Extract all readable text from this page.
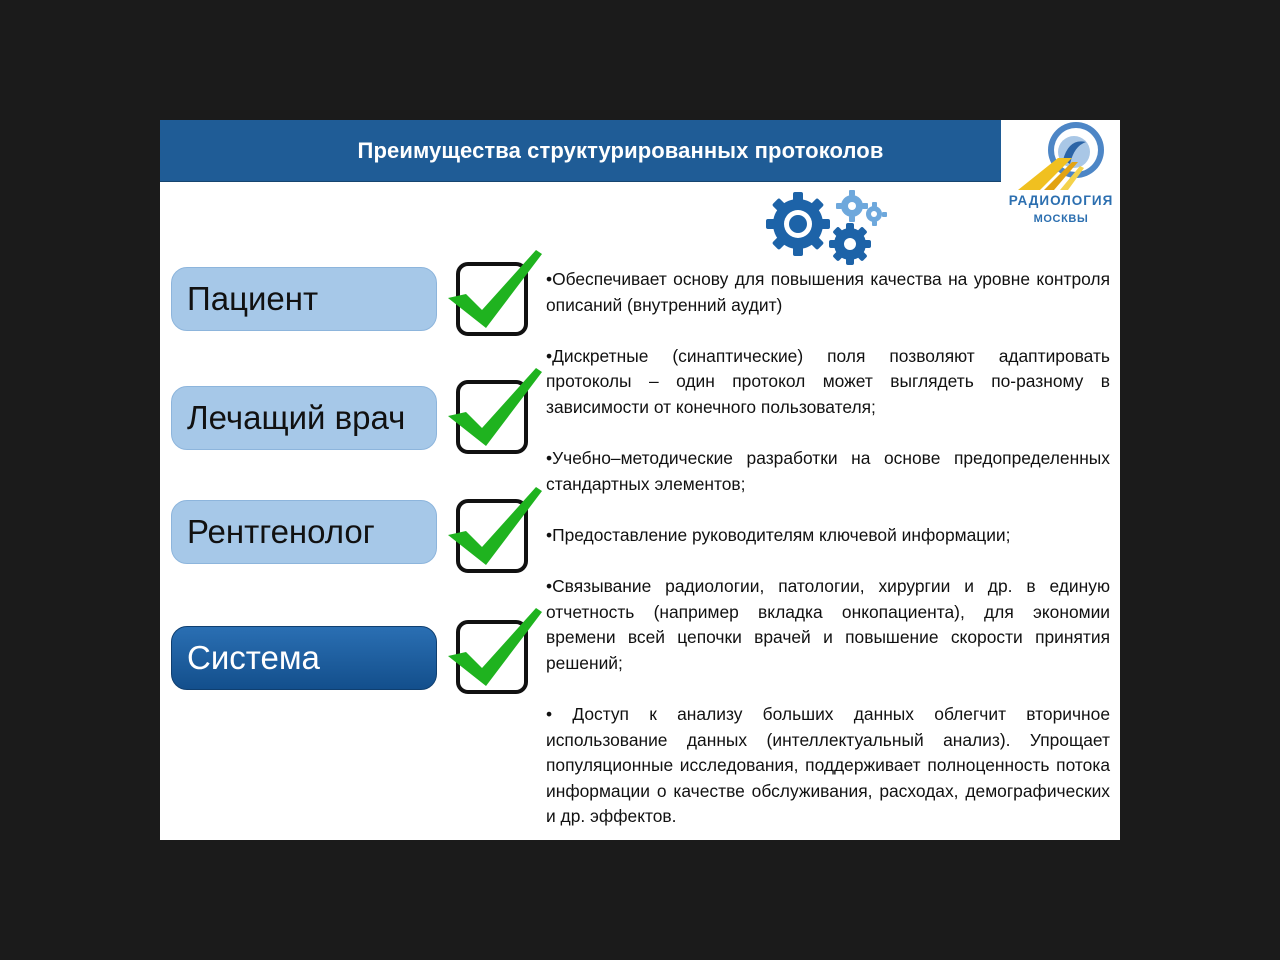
Преимущества структурированных протоколов
РАДИОЛОГИЯ
МОСКВЫ
Пациент
Лечащий врач
Рентгенолог
Система

•Обеспечивает основу для повышения качества на уровне контроля описаний (внутренний аудит)

•Дискретные (синаптические) поля позволяют адаптировать протоколы – один протокол может выглядеть по-разному в зависимости от конечного пользователя;

•Учебно–методические разработки на основе предопределенных стандартных элементов;

•Предоставление руководителям ключевой информации;

•Связывание радиологии, патологии, хирургии и др. в единую отчетность (например вкладка онкопациента), для экономии времени всей цепочки врачей и повышение скорости принятия решений;

• Доступ к анализу больших данных облегчит вторичное использование данных (интеллектуальный анализ). Упрощает популяционные исследования, поддерживает полноценность потока информации о качестве обслуживания, расходах, демографических и др. эффектов.
